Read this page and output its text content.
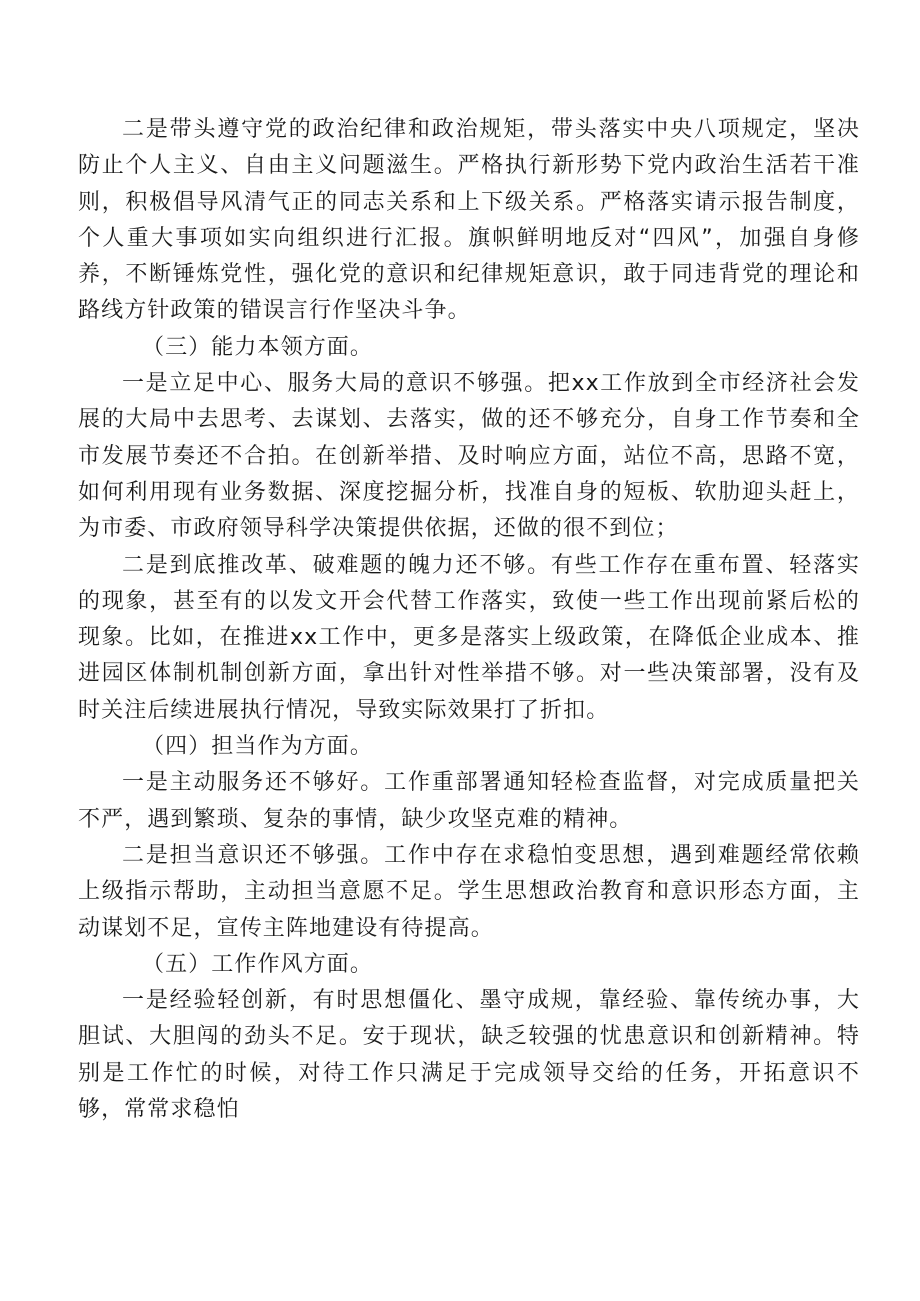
二是带头遵守党的政治纪律和政治规矩，带头落实中央八项规定，坚决防止个人主义、自由主义问题滋生。严格执行新形势下党内政治生活若干准则，积极倡导风清气正的同志关系和上下级关系。严格落实请示报告制度，个人重大事项如实向组织进行汇报。旗帜鲜明地反对“四风”，加强自身修养，不断锤炼党性，强化党的意识和纪律规矩意识，敢于同违背党的理论和路线方针政策的错误言行作坚决斗争。

（三）能力本领方面。

一是立足中心、服务大局的意识不够强。把xx工作放到全市经济社会发展的大局中去思考、去谋划、去落实，做的还不够充分，自身工作节奏和全市发展节奏还不合拍。在创新举措、及时响应方面，站位不高，思路不宽，如何利用现有业务数据、深度挖掘分析，找准自身的短板、软肋迎头赶上，为市委、市政府领导科学决策提供依据，还做的很不到位；

二是到底推改革、破难题的魄力还不够。有些工作存在重布置、轻落实的现象，甚至有的以发文开会代替工作落实，致使一些工作出现前紧后松的现象。比如，在推进xx工作中，更多是落实上级政策，在降低企业成本、推进园区体制机制创新方面，拿出针对性举措不够。对一些决策部署，没有及时关注后续进展执行情况，导致实际效果打了折扣。

（四）担当作为方面。

一是主动服务还不够好。工作重部署通知轻检查监督，对完成质量把关不严，遇到繁琐、复杂的事情，缺少攻坚克难的精神。

二是担当意识还不够强。工作中存在求稳怕变思想，遇到难题经常依赖上级指示帮助，主动担当意愿不足。学生思想政治教育和意识形态方面，主动谋划不足，宣传主阵地建设有待提高。

（五）工作作风方面。

一是经验轻创新，有时思想僵化、墨守成规，靠经验、靠传统办事，大胆试、大胆闯的劲头不足。安于现状，缺乏较强的忧患意识和创新精神。特别是工作忙的时候，对待工作只满足于完成领导交给的任务，开拓意识不够，常常求稳怕
